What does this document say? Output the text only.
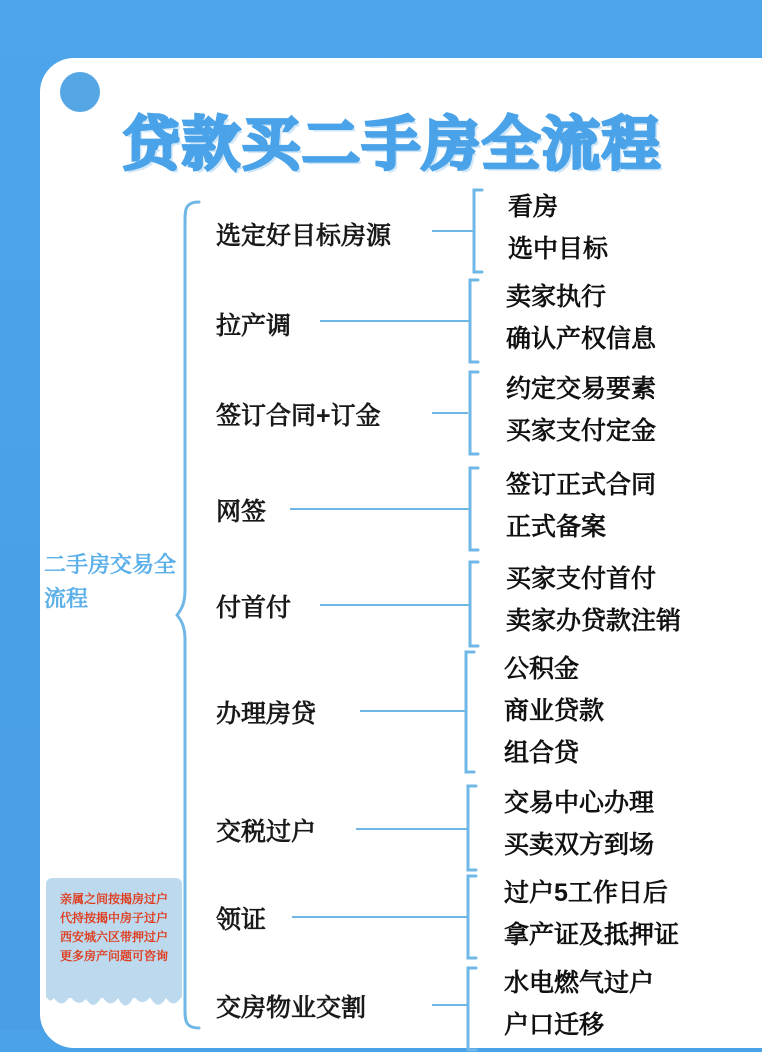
贷款买二手房全流程
二手房交易全流程
选定好目标房源
看房
选中目标
拉产调
卖家执行
确认产权信息
签订合同+订金
约定交易要素
买家支付定金
网签
签订正式合同
正式备案
付首付
买家支付首付
卖家办贷款注销
办理房贷
公积金
商业贷款
组合贷
交税过户
交易中心办理
买卖双方到场
领证
过户5工作日后
拿产证及抵押证
交房物业交割
水电燃气过户
户口迁移
亲属之间按揭房过户
代持按揭中房子过户
西安城六区带押过户
更多房产问题可咨询
